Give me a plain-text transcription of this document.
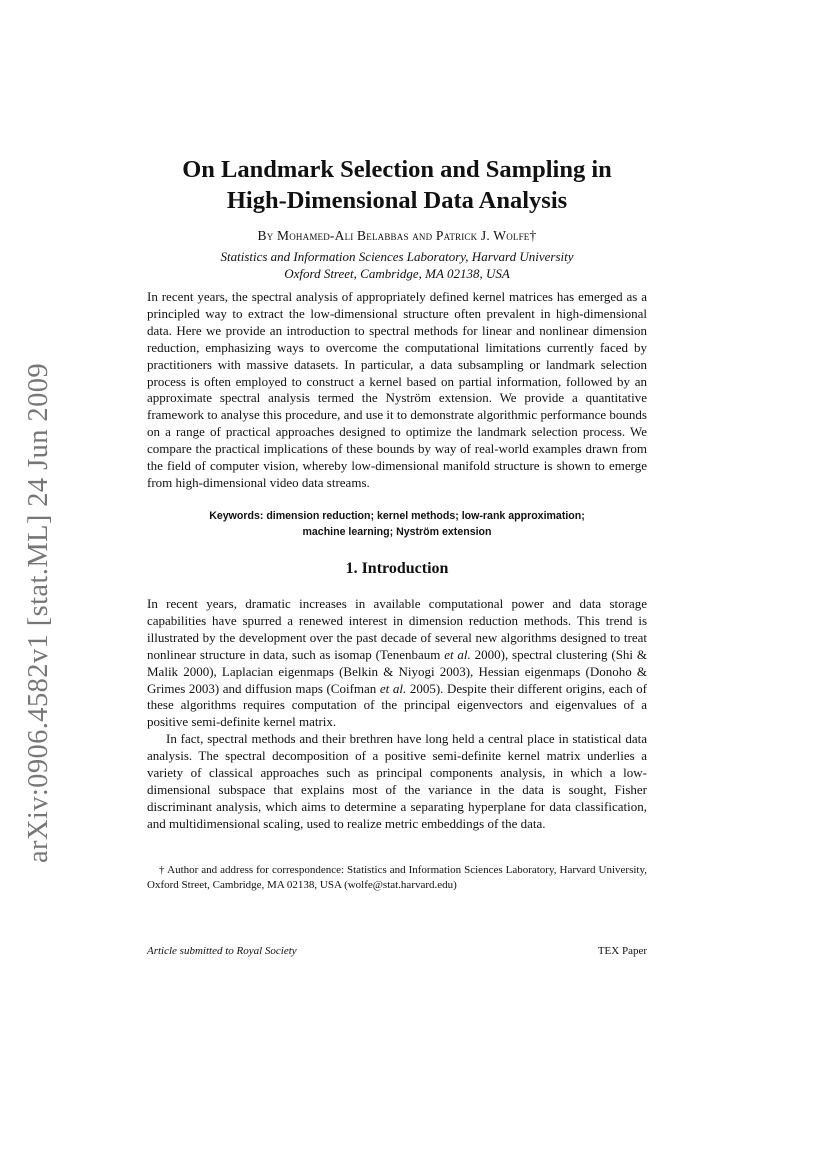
arXiv:0906.4582v1 [stat.ML] 24 Jun 2009
On Landmark Selection and Sampling in
High-Dimensional Data Analysis
By Mohamed-Ali Belabbas and Patrick J. Wolfe†
Statistics and Information Sciences Laboratory, Harvard University
Oxford Street, Cambridge, MA 02138, USA
In recent years, the spectral analysis of appropriately defined kernel matrices has emerged as a principled way to extract the low-dimensional structure often prevalent in high-dimensional data. Here we provide an introduction to spectral methods for linear and nonlinear dimension reduction, emphasizing ways to overcome the computational limitations currently faced by practitioners with massive datasets. In particular, a data subsampling or landmark selection process is often employed to construct a kernel based on partial information, followed by an approximate spectral analysis termed the Nyström extension. We provide a quantitative framework to analyse this procedure, and use it to demonstrate algorithmic performance bounds on a range of practical approaches designed to optimize the landmark selection process. We compare the practical implications of these bounds by way of real-world examples drawn from the field of computer vision, whereby low-dimensional manifold structure is shown to emerge from high-dimensional video data streams.
Keywords: dimension reduction; kernel methods; low-rank approximation;
machine learning; Nyström extension
1. Introduction

In recent years, dramatic increases in available computational power and data storage capabilities have spurred a renewed interest in dimension reduction methods. This trend is illustrated by the development over the past decade of several new algorithms designed to treat nonlinear structure in data, such as isomap (Tenenbaum et al. 2000), spectral clustering (Shi & Malik 2000), Laplacian eigenmaps (Belkin & Niyogi 2003), Hessian eigenmaps (Donoho & Grimes 2003) and diffusion maps (Coifman et al. 2005). Despite their different origins, each of these algorithms requires computation of the principal eigenvectors and eigenvalues of a positive semi-definite kernel matrix.

In fact, spectral methods and their brethren have long held a central place in statistical data analysis. The spectral decomposition of a positive semi-definite kernel matrix underlies a variety of classical approaches such as principal components analysis, in which a low-dimensional subspace that explains most of the variance in the data is sought, Fisher discriminant analysis, which aims to determine a separating hyperplane for data classification, and multidimensional scaling, used to realize metric embeddings of the data.

† Author and address for correspondence: Statistics and Information Sciences Laboratory, Harvard University, Oxford Street, Cambridge, MA 02138, USA (wolfe@stat.harvard.edu)
Article submitted to Royal Society	TEX Paper
